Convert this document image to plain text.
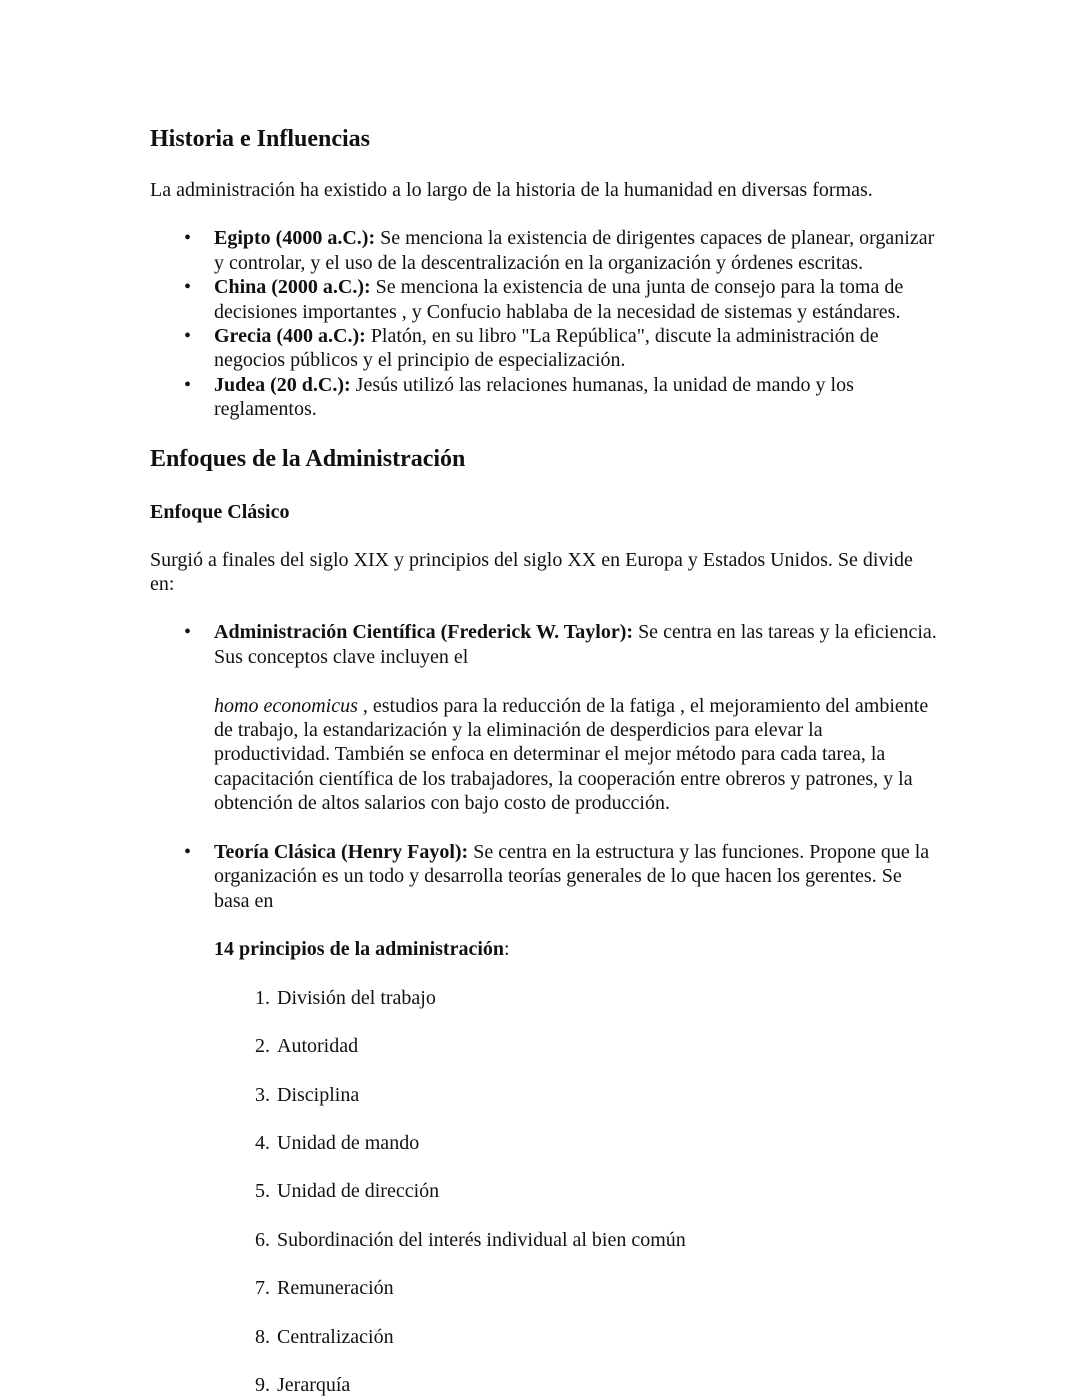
Historia e Influencias

La administración ha existido a lo largo de la historia de la humanidad en diversas formas.

• Egipto (4000 a.C.): Se menciona la existencia de dirigentes capaces de planear, organizar y controlar, y el uso de la descentralización en la organización y órdenes escritas.
• China (2000 a.C.): Se menciona la existencia de una junta de consejo para la toma de decisiones importantes , y Confucio hablaba de la necesidad de sistemas y estándares.
• Grecia (400 a.C.): Platón, en su libro "La República", discute la administración de negocios públicos y el principio de especialización.
• Judea (20 d.C.): Jesús utilizó las relaciones humanas, la unidad de mando y los reglamentos.
Enfoques de la Administración
Enfoque Clásico

Surgió a finales del siglo XIX y principios del siglo XX en Europa y Estados Unidos. Se divide en:

• Administración Científica (Frederick W. Taylor): Se centra en las tareas y la eficiencia. Sus conceptos clave incluyen el

homo economicus , estudios para la reducción de la fatiga , el mejoramiento del ambiente de trabajo, la estandarización y la eliminación de desperdicios para elevar la productividad. También se enfoca en determinar el mejor método para cada tarea, la capacitación científica de los trabajadores, la cooperación entre obreros y patrones, y la obtención de altos salarios con bajo costo de producción.

• Teoría Clásica (Henry Fayol): Se centra en la estructura y las funciones. Propone que la organización es un todo y desarrolla teorías generales de lo que hacen los gerentes. Se basa en

14 principios de la administración:

1. División del trabajo
2. Autoridad
3. Disciplina
4. Unidad de mando
5. Unidad de dirección
6. Subordinación del interés individual al bien común
7. Remuneración
8. Centralización
9. Jerarquía
